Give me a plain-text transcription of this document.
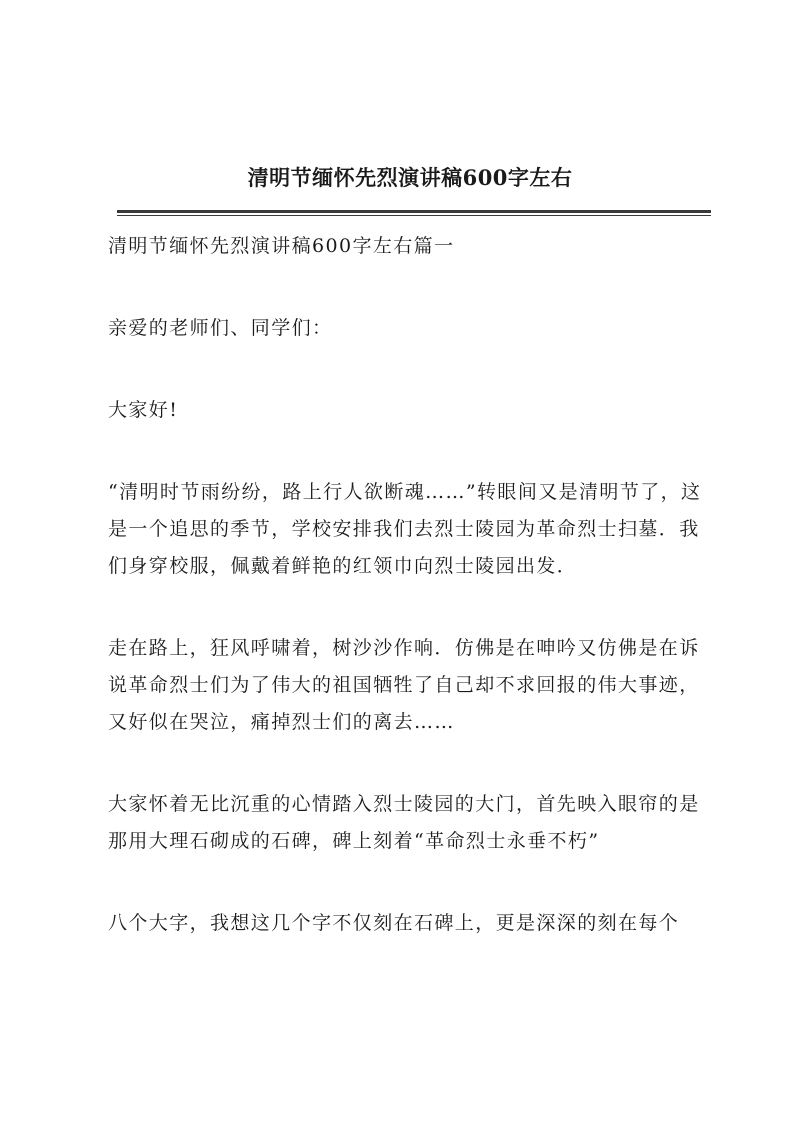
清明节缅怀先烈演讲稿600字左右

清明节缅怀先烈演讲稿600字左右篇一

亲爱的老师们、同学们：

大家好!

“清明时节雨纷纷，路上行人欲断魂……”转眼间又是清明节了，这是一个追思的季节，学校安排我们去烈士陵园为革命烈士扫墓．我们身穿校服，佩戴着鲜艳的红领巾向烈士陵园出发．

走在路上，狂风呼啸着，树沙沙作响．仿佛是在呻吟又仿佛是在诉说革命烈士们为了伟大的祖国牺牲了自己却不求回报的伟大事迹，又好似在哭泣，痛掉烈士们的离去……

大家怀着无比沉重的心情踏入烈士陵园的大门，首先映入眼帘的是那用大理石砌成的石碑，碑上刻着“革命烈士永垂不朽”

八个大字，我想这几个字不仅刻在石碑上，更是深深的刻在每个
